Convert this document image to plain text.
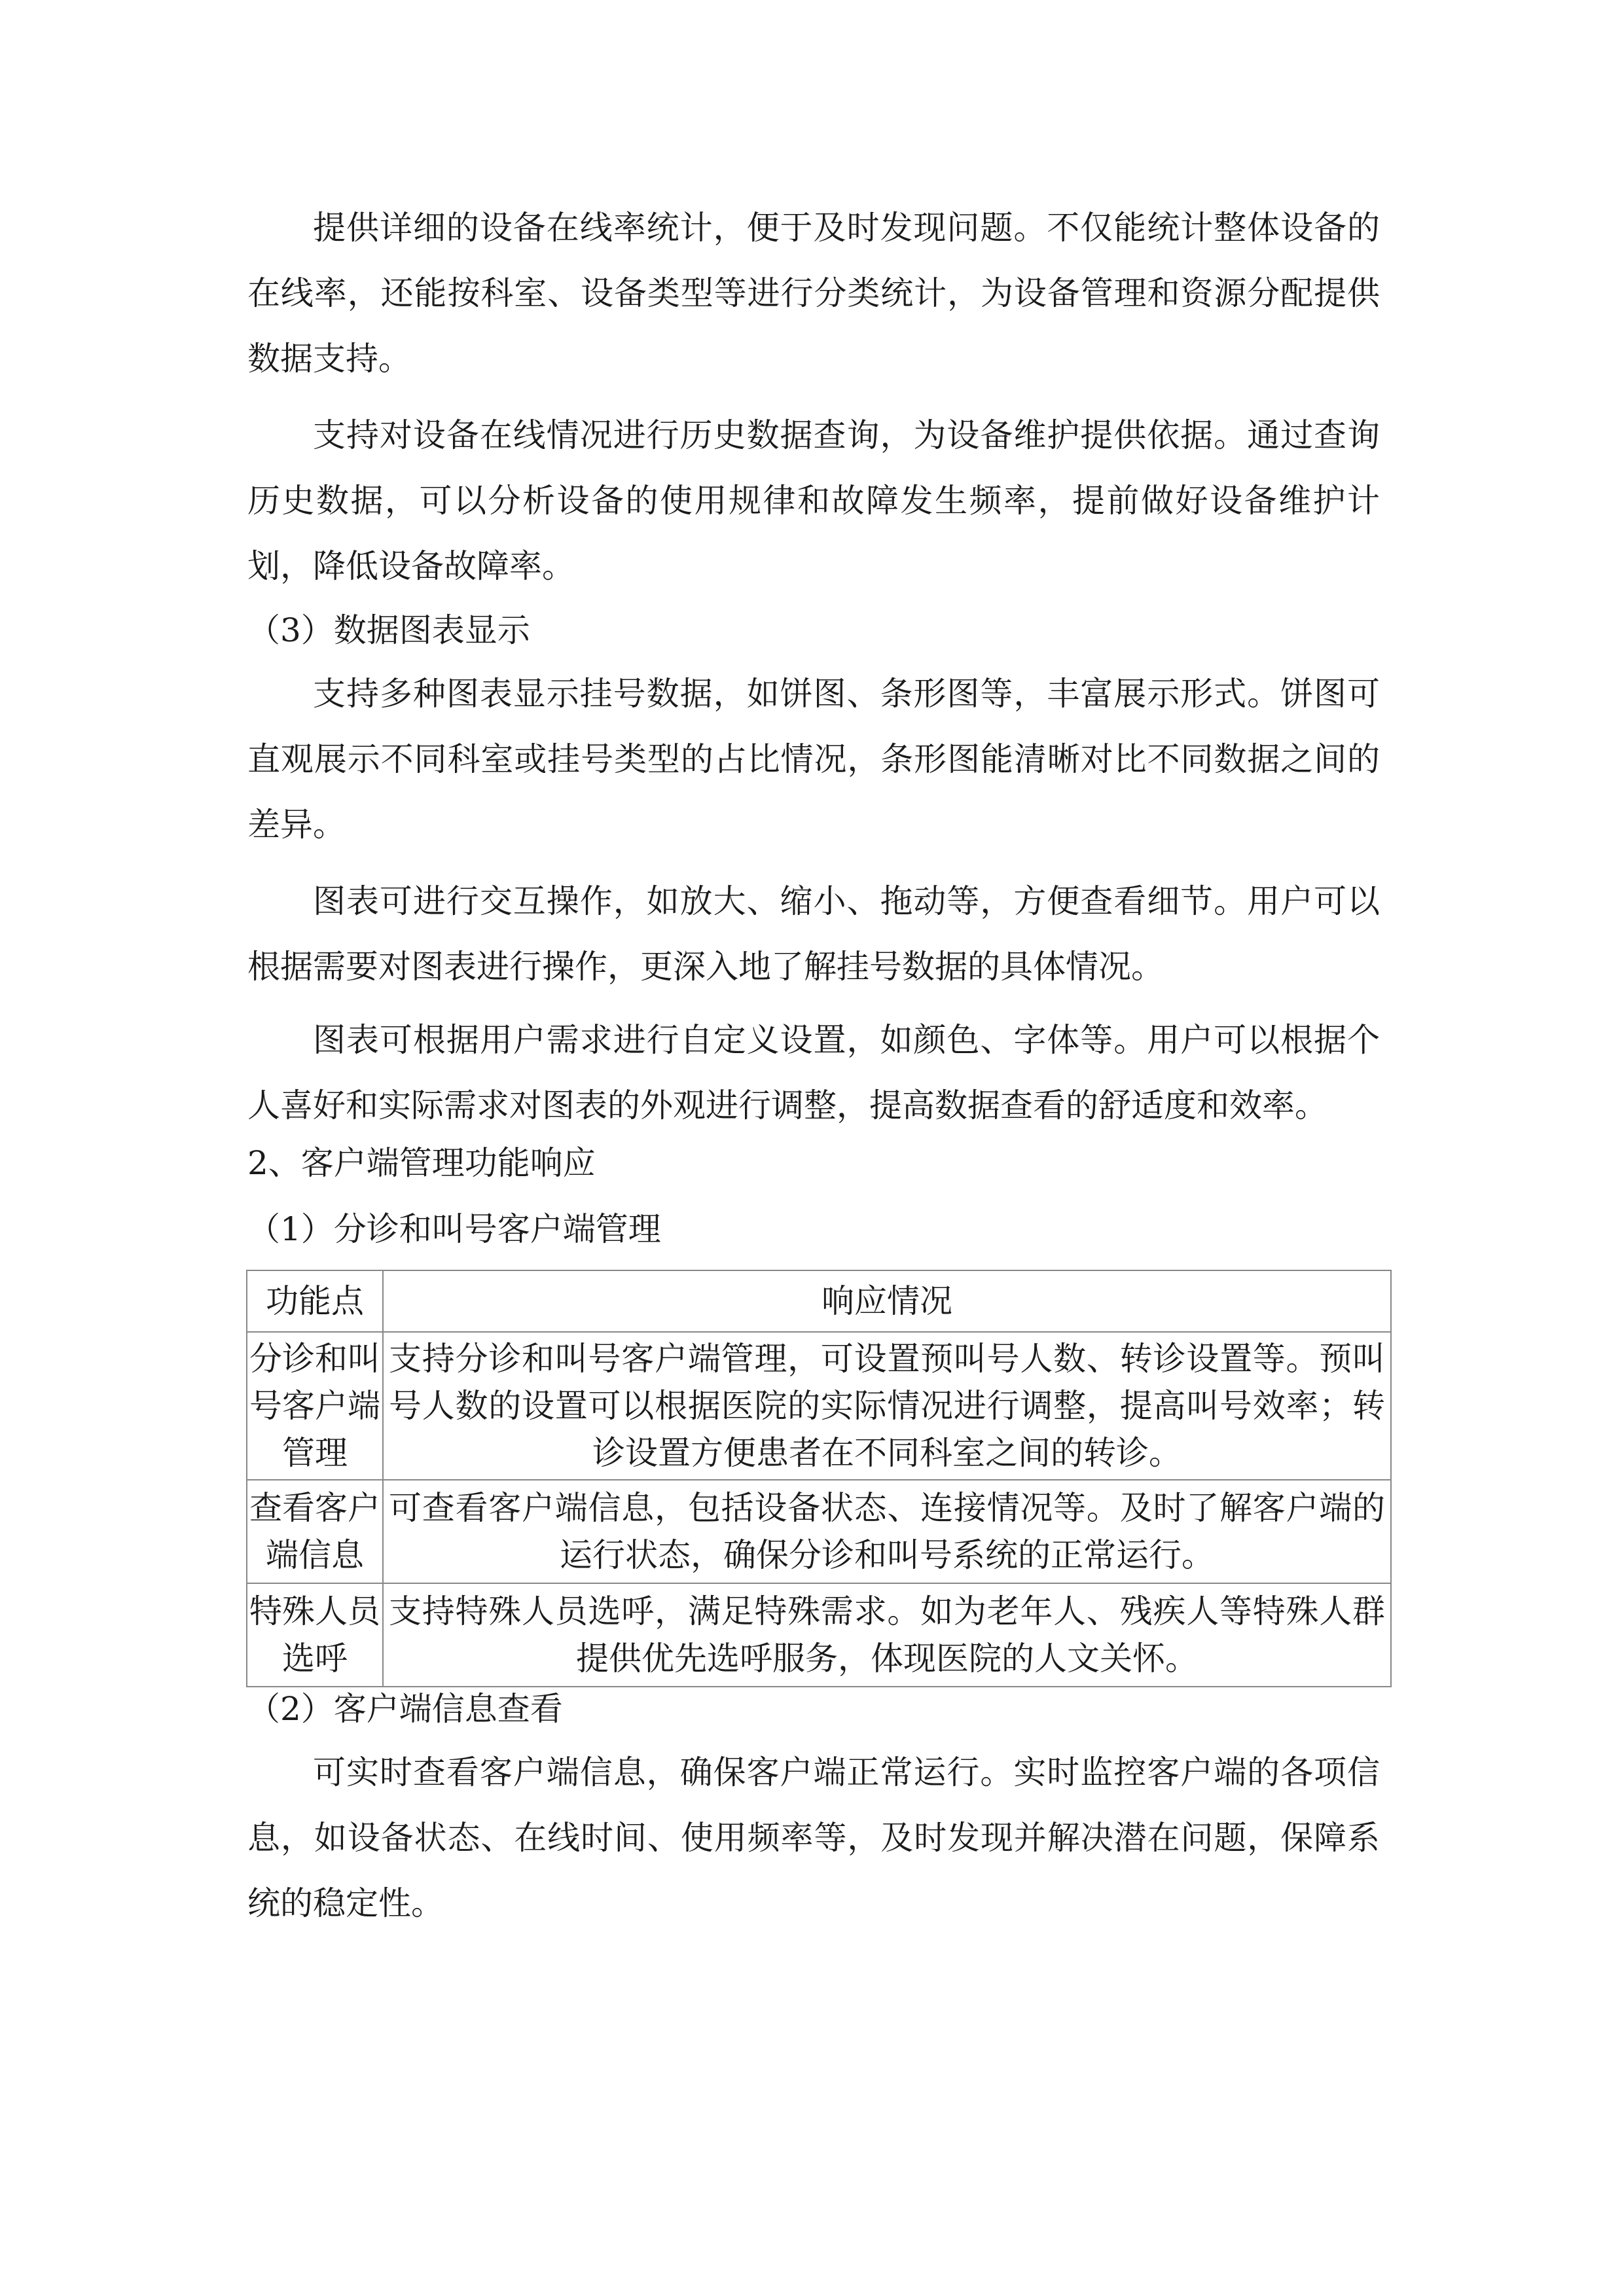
提供详细的设备在线率统计，便于及时发现问题。不仅能统计整体设备的在线率，还能按科室、设备类型等进行分类统计，为设备管理和资源分配提供数据支持。

支持对设备在线情况进行历史数据查询，为设备维护提供依据。通过查询历史数据，可以分析设备的使用规律和故障发生频率，提前做好设备维护计划，降低设备故障率。

（3）数据图表显示

支持多种图表显示挂号数据，如饼图、条形图等，丰富展示形式。饼图可直观展示不同科室或挂号类型的占比情况，条形图能清晰对比不同数据之间的差异。

图表可进行交互操作，如放大、缩小、拖动等，方便查看细节。用户可以根据需要对图表进行操作，更深入地了解挂号数据的具体情况。

图表可根据用户需求进行自定义设置，如颜色、字体等。用户可以根据个人喜好和实际需求对图表的外观进行调整，提高数据查看的舒适度和效率。

2、客户端管理功能响应

（1）分诊和叫号客户端管理

功能点	响应情况
分诊和叫号客户端管理	支持分诊和叫号客户端管理，可设置预叫号人数、转诊设置等。预叫号人数的设置可以根据医院的实际情况进行调整，提高叫号效率；转诊设置方便患者在不同科室之间的转诊。
查看客户端信息	可查看客户端信息，包括设备状态、连接情况等。及时了解客户端的运行状态，确保分诊和叫号系统的正常运行。
特殊人员选呼	支持特殊人员选呼，满足特殊需求。如为老年人、残疾人等特殊人群提供优先选呼服务，体现医院的人文关怀。

（2）客户端信息查看

可实时查看客户端信息，确保客户端正常运行。实时监控客户端的各项信息，如设备状态、在线时间、使用频率等，及时发现并解决潜在问题，保障系统的稳定性。
